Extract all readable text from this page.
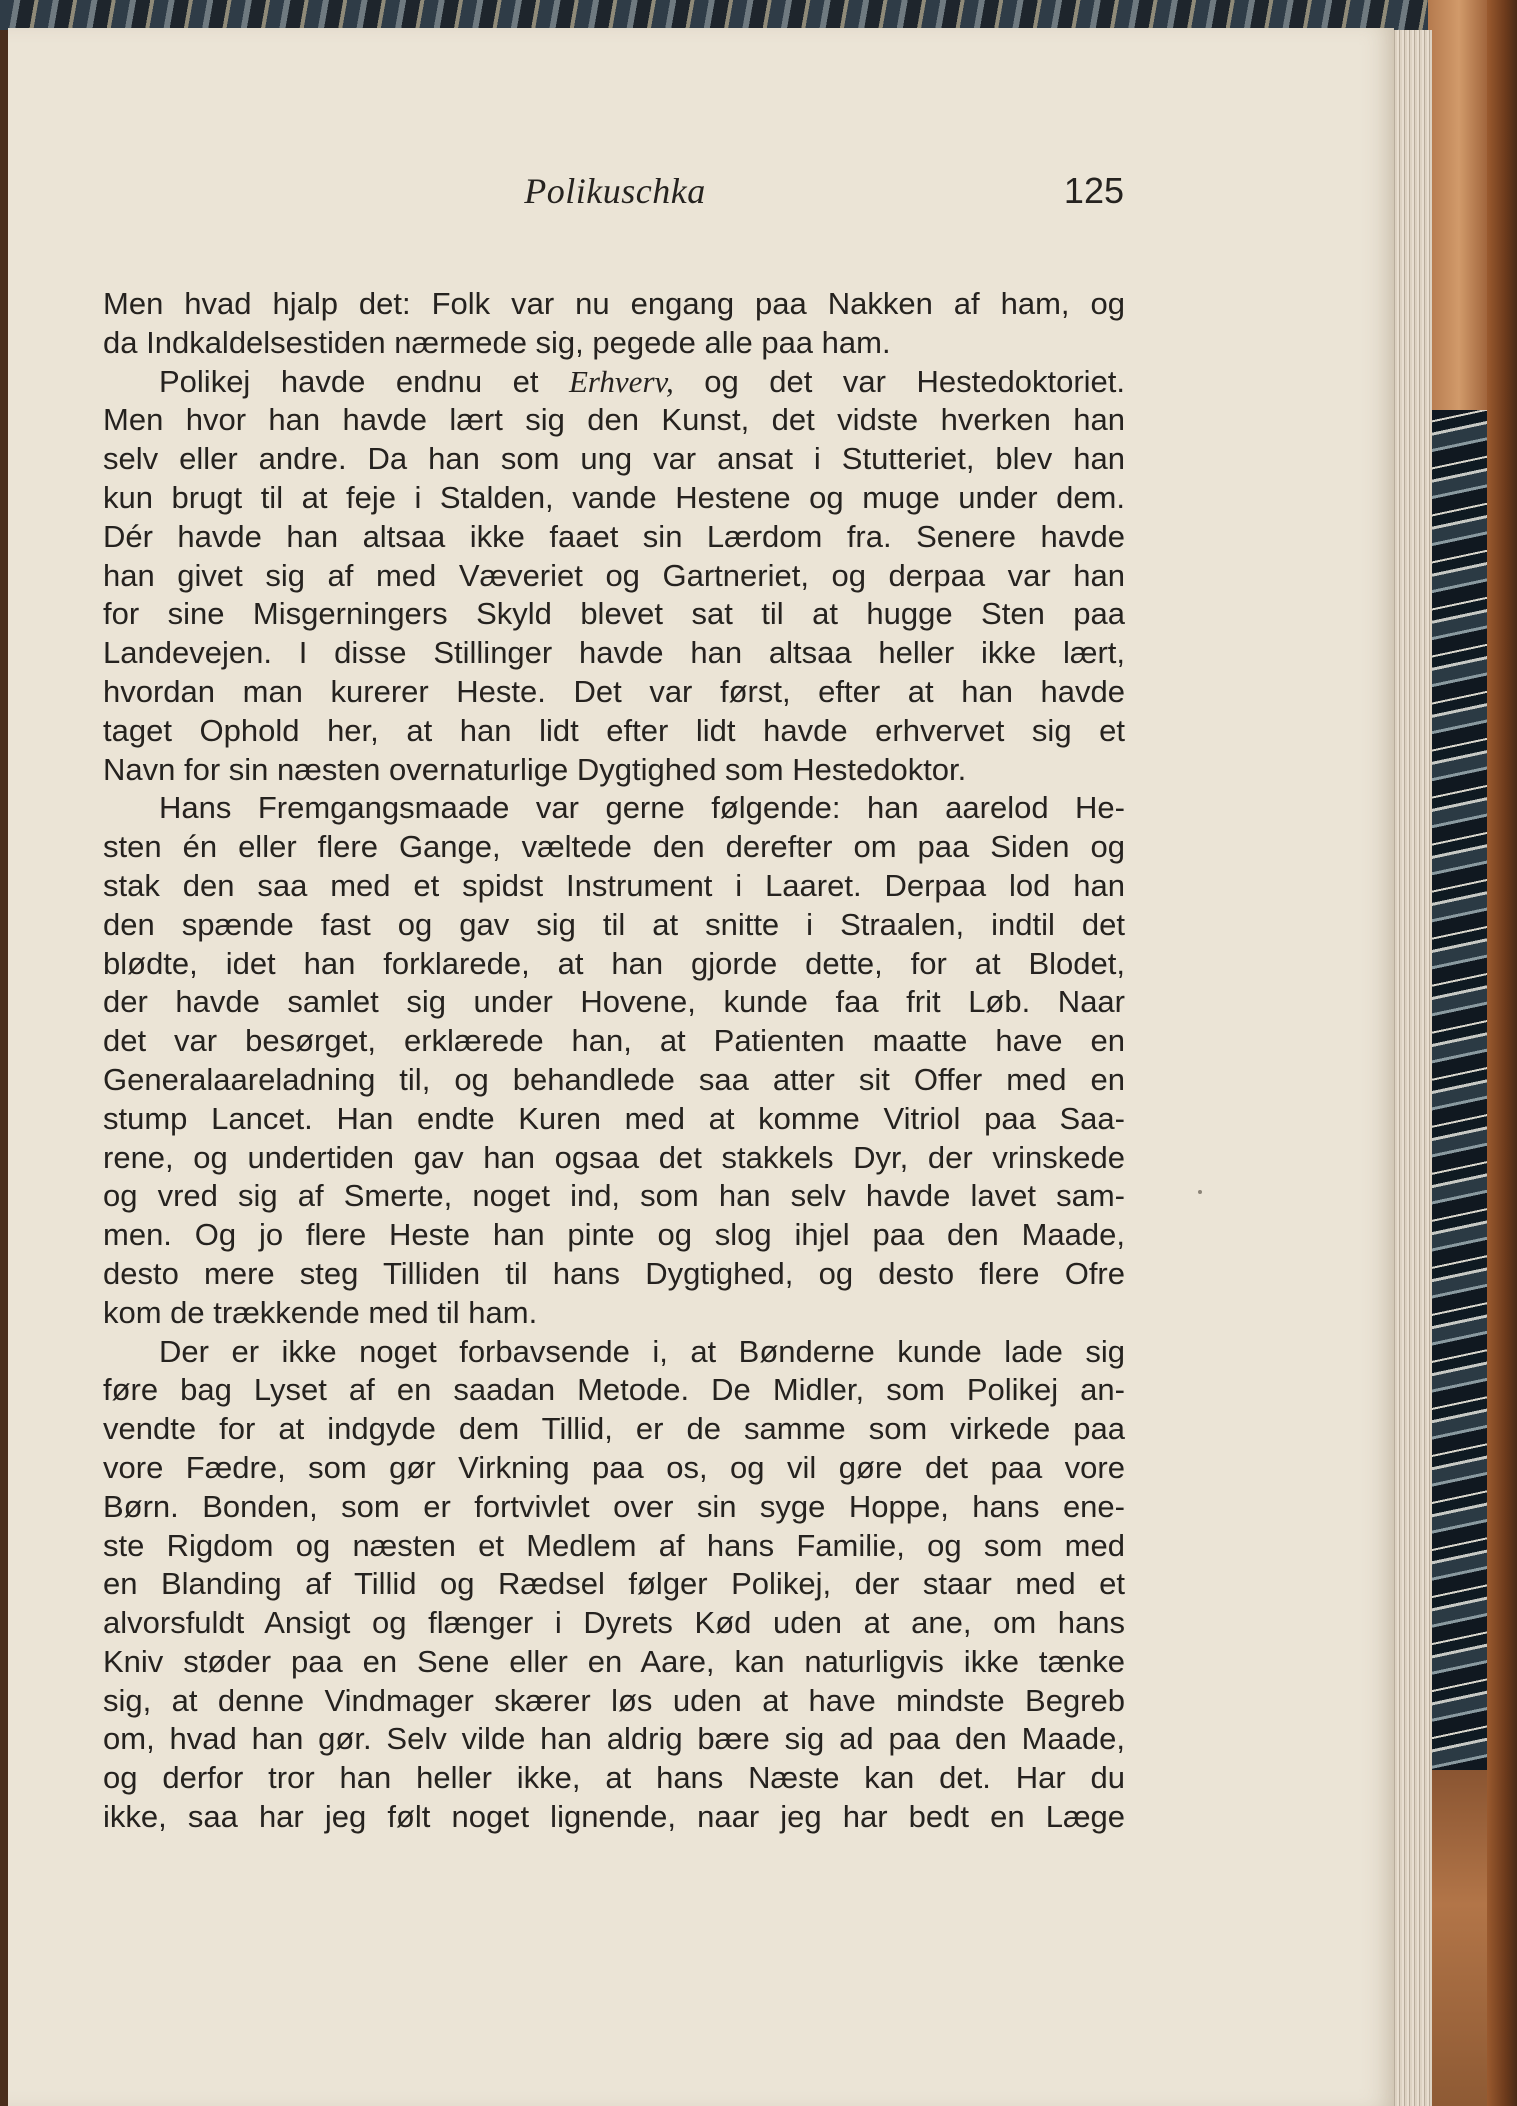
Polikuschka	125
Men hvad hjalp det: Folk var nu engang paa Nakken af ham, og
da Indkaldelsestiden nærmede sig, pegede alle paa ham.
Polikej havde endnu et Erhverv, og det var Hestedoktoriet.
Men hvor han havde lært sig den Kunst, det vidste hverken han
selv eller andre. Da han som ung var ansat i Stutteriet, blev han
kun brugt til at feje i Stalden, vande Hestene og muge under dem.
Dér havde han altsaa ikke faaet sin Lærdom fra. Senere havde
han givet sig af med Væveriet og Gartneriet, og derpaa var han
for sine Misgerningers Skyld blevet sat til at hugge Sten paa
Landevejen. I disse Stillinger havde han altsaa heller ikke lært,
hvordan man kurerer Heste. Det var først, efter at han havde
taget Ophold her, at han lidt efter lidt havde erhvervet sig et
Navn for sin næsten overnaturlige Dygtighed som Hestedoktor.
Hans Fremgangsmaade var gerne følgende: han aarelod He-
sten én eller flere Gange, væltede den derefter om paa Siden og
stak den saa med et spidst Instrument i Laaret. Derpaa lod han
den spænde fast og gav sig til at snitte i Straalen, indtil det
blødte, idet han forklarede, at han gjorde dette, for at Blodet,
der havde samlet sig under Hovene, kunde faa frit Løb. Naar
det var besørget, erklærede han, at Patienten maatte have en
Generalaareladning til, og behandlede saa atter sit Offer med en
stump Lancet. Han endte Kuren med at komme Vitriol paa Saa-
rene, og undertiden gav han ogsaa det stakkels Dyr, der vrinskede
og vred sig af Smerte, noget ind, som han selv havde lavet sam-
men. Og jo flere Heste han pinte og slog ihjel paa den Maade,
desto mere steg Tilliden til hans Dygtighed, og desto flere Ofre
kom de trækkende med til ham.
Der er ikke noget forbavsende i, at Bønderne kunde lade sig
føre bag Lyset af en saadan Metode. De Midler, som Polikej an-
vendte for at indgyde dem Tillid, er de samme som virkede paa
vore Fædre, som gør Virkning paa os, og vil gøre det paa vore
Børn. Bonden, som er fortvivlet over sin syge Hoppe, hans ene-
ste Rigdom og næsten et Medlem af hans Familie, og som med
en Blanding af Tillid og Rædsel følger Polikej, der staar med et
alvorsfuldt Ansigt og flænger i Dyrets Kød uden at ane, om hans
Kniv støder paa en Sene eller en Aare, kan naturligvis ikke tænke
sig, at denne Vindmager skærer løs uden at have mindste Begreb
om, hvad han gør. Selv vilde han aldrig bære sig ad paa den Maade,
og derfor tror han heller ikke, at hans Næste kan det. Har du
ikke, saa har jeg følt noget lignende, naar jeg har bedt en Læge
